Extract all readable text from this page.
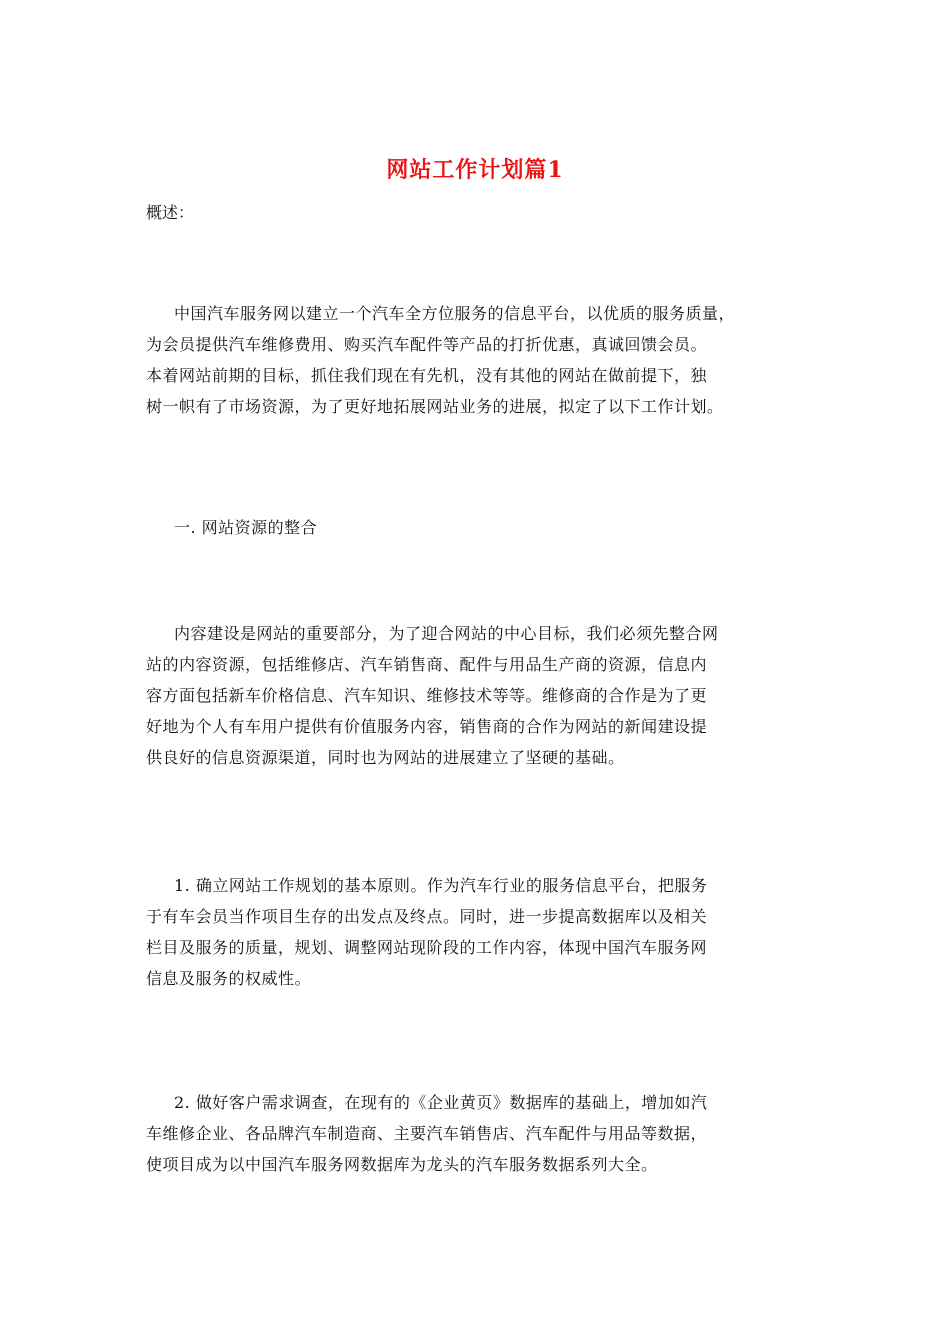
网站工作计划篇1
概述：
中国汽车服务网以建立一个汽车全方位服务的信息平台，以优质的服务质量，
为会员提供汽车维修费用、购买汽车配件等产品的打折优惠，真诚回馈会员。
本着网站前期的目标，抓住我们现在有先机，没有其他的网站在做前提下，独
树一帜有了市场资源，为了更好地拓展网站业务的进展，拟定了以下工作计划。
一. 网站资源的整合
内容建设是网站的重要部分，为了迎合网站的中心目标，我们必须先整合网
站的内容资源，包括维修店、汽车销售商、配件与用品生产商的资源，信息内
容方面包括新车价格信息、汽车知识、维修技术等等。维修商的合作是为了更
好地为个人有车用户提供有价值服务内容，销售商的合作为网站的新闻建设提
供良好的信息资源渠道，同时也为网站的进展建立了坚硬的基础。
1. 确立网站工作规划的基本原则。作为汽车行业的服务信息平台，把服务
于有车会员当作项目生存的出发点及终点。同时，进一步提高数据库以及相关
栏目及服务的质量，规划、调整网站现阶段的工作内容，体现中国汽车服务网
信息及服务的权威性。
2. 做好客户需求调查，在现有的《企业黄页》数据库的基础上，增加如汽
车维修企业、各品牌汽车制造商、主要汽车销售店、汽车配件与用品等数据，
使项目成为以中国汽车服务网数据库为龙头的汽车服务数据系列大全。
